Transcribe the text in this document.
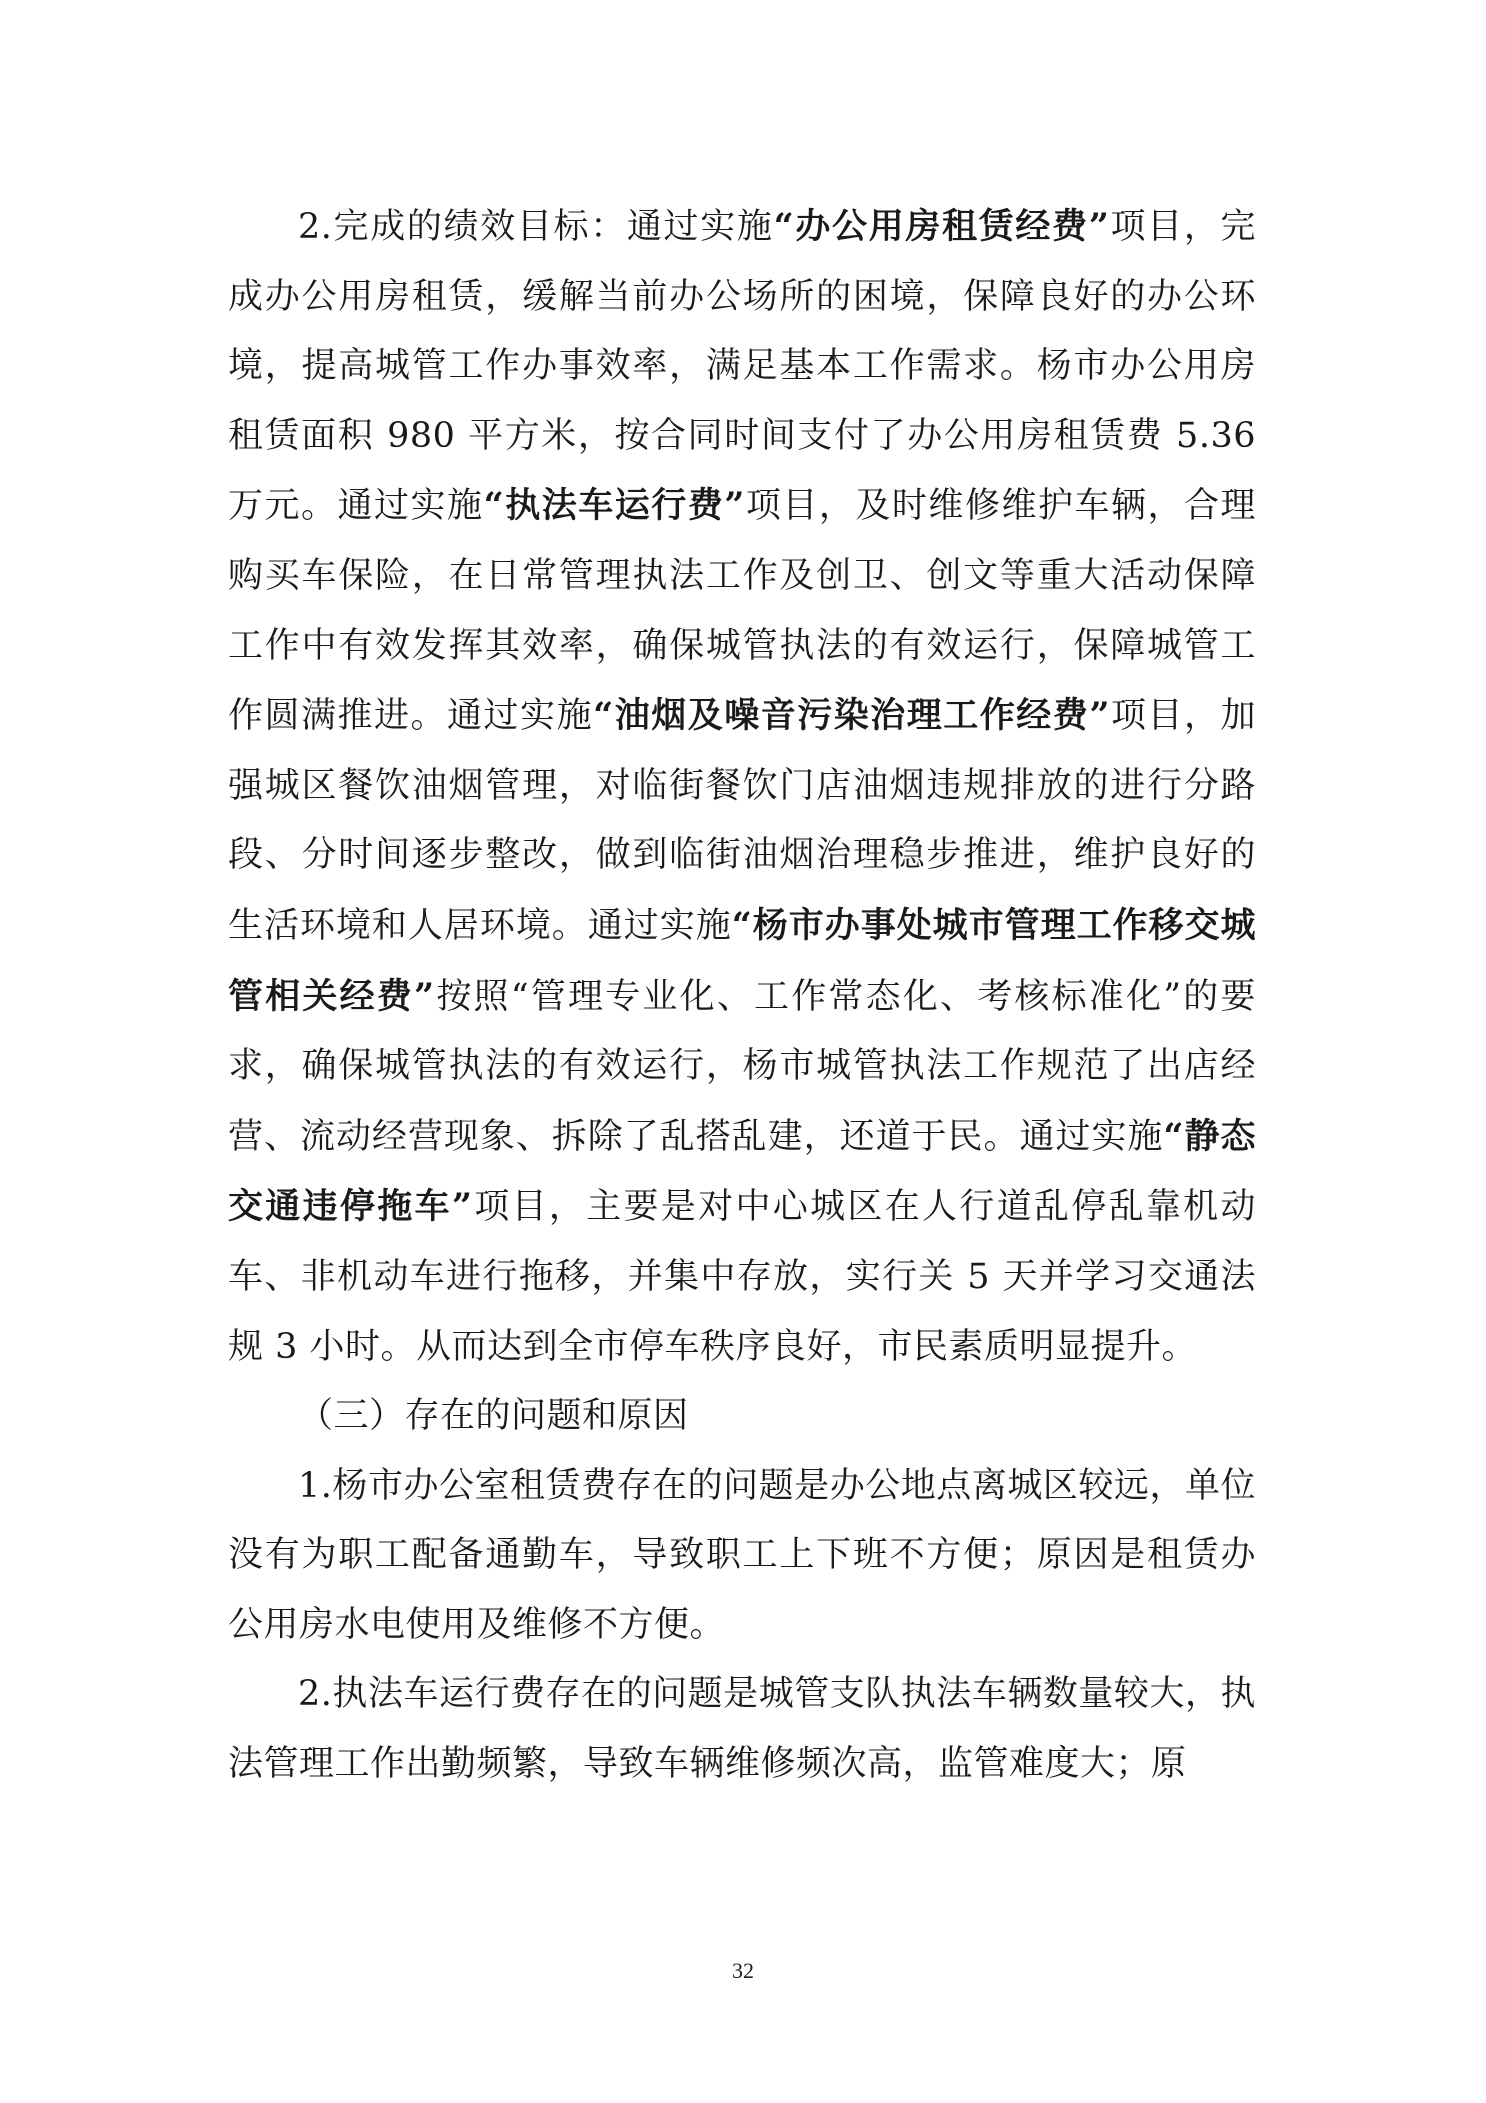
2.完成的绩效目标：通过实施“办公用房租赁经费”项目，完成办公用房租赁，缓解当前办公场所的困境，保障良好的办公环境，提高城管工作办事效率，满足基本工作需求。杨市办公用房租赁面积 980 平方米，按合同时间支付了办公用房租赁费 5.36 万元。通过实施“执法车运行费”项目，及时维修维护车辆，合理购买车保险，在日常管理执法工作及创卫、创文等重大活动保障工作中有效发挥其效率，确保城管执法的有效运行，保障城管工作圆满推进。通过实施“油烟及噪音污染治理工作经费”项目，加强城区餐饮油烟管理，对临街餐饮门店油烟违规排放的进行分路段、分时间逐步整改，做到临街油烟治理稳步推进，维护良好的生活环境和人居环境。通过实施“杨市办事处城市管理工作移交城管相关经费”按照“管理专业化、工作常态化、考核标准化”的要求，确保城管执法的有效运行，杨市城管执法工作规范了出店经营、流动经营现象、拆除了乱搭乱建，还道于民。通过实施“静态交通违停拖车”项目，主要是对中心城区在人行道乱停乱靠机动车、非机动车进行拖移，并集中存放，实行关 5 天并学习交通法规 3 小时。从而达到全市停车秩序良好，市民素质明显提升。

（三）存在的问题和原因

1.杨市办公室租赁费存在的问题是办公地点离城区较远，单位没有为职工配备通勤车，导致职工上下班不方便；原因是租赁办公用房水电使用及维修不方便。

2.执法车运行费存在的问题是城管支队执法车辆数量较大，执法管理工作出勤频繁，导致车辆维修频次高，监管难度大；原

32
